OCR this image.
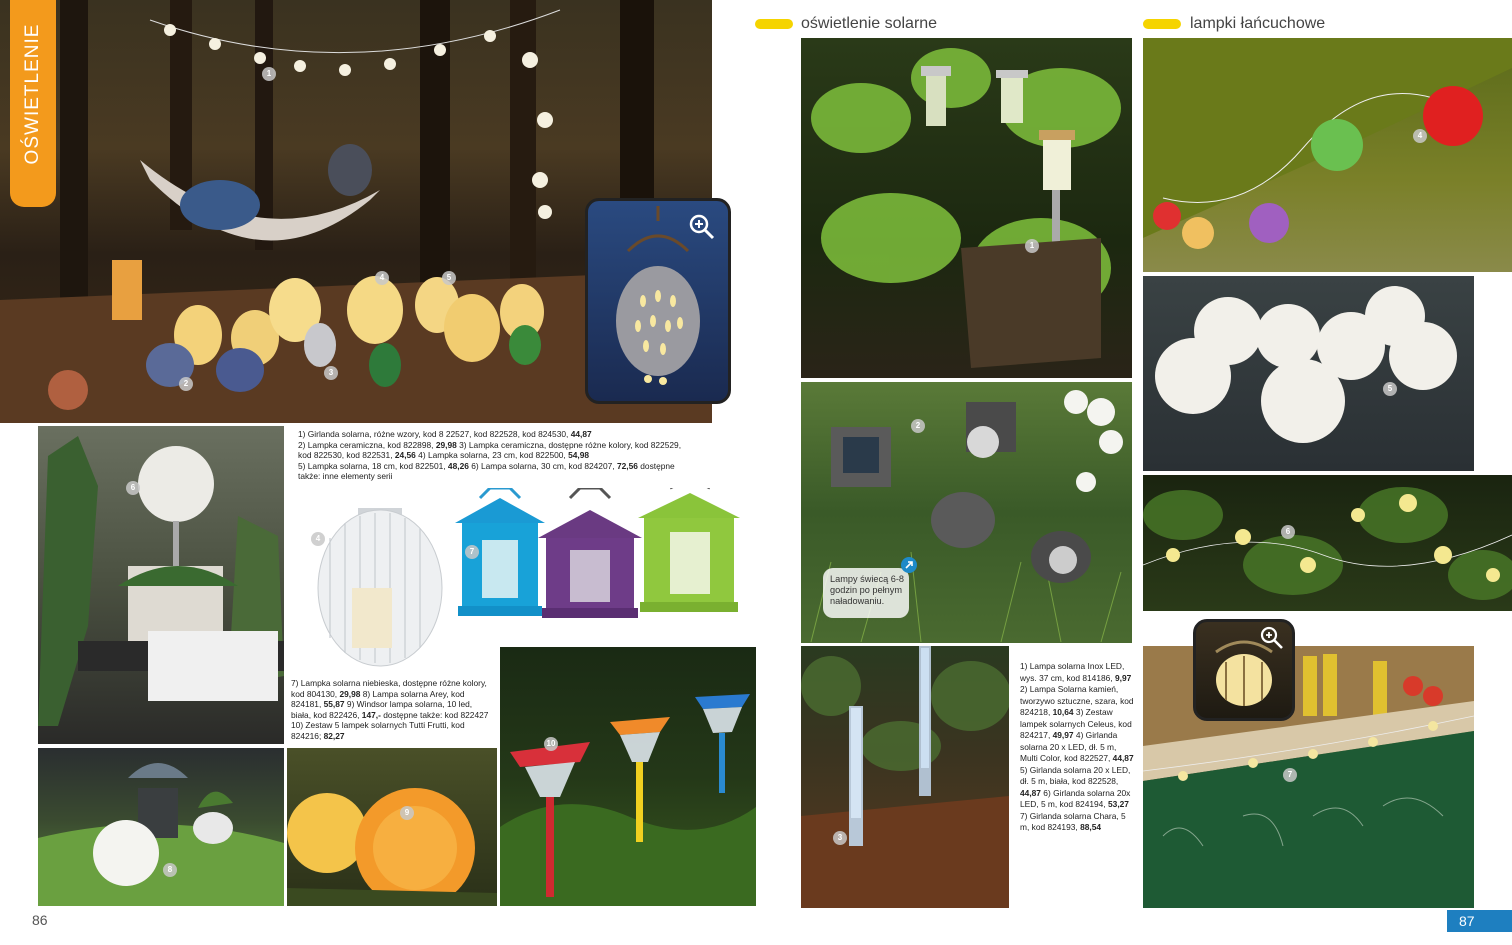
1
2
3
4	5
OŚWIETLENIE
6
1) Girlanda solarna, różne wzory, kod 8 22527, kod 822528, kod 824530, 44,87
2) Lampka ceramiczna, kod 822898, 29,98 3) Lampka ceramiczna, dostępne różne kolory, kod 822529, kod 822530, kod 822531, 24,56 4) Lampka solarna, 23 cm, kod 822500, 54,98
5) Lampka solarna, 18 cm, kod 822501, 48,26 6) Lampa solarna, 30 cm, kod 824207, 72,56 dostępne także: inne elementy serii
4
7
7) Lampka solarna niebieska, dostępne różne kolory, kod 804130, 29,98 8) Lampa solarna Arey, kod 824181, 55,87 9) Windsor lampa solarna, 10 led, biała, kod 822426, 147,- dostępne także: kod 822427 10) Zestaw 5 lampek solarnych Tutti Frutti, kod 824216; 82,27
8
9
10
86
oświetlenie solarne	lampki łańcuchowe
1
4
5
6
2
Lampy świecą 6-8 godzin po pełnym naładowaniu.
3
1) Lampa solarna Inox LED, wys. 37 cm, kod 814186, 9,97 2) Lampa Solarna kamień, tworzywo sztuczne, szara, kod 824218, 10,64 3) Zestaw lampek solarnych Celeus, kod 824217, 49,97 4) Girlanda solarna 20 x LED, dł. 5 m, Multi Color, kod 822527, 44,87 5) Girlanda solarna 20 x LED, dł. 5 m, biała, kod 822528, 44,87 6) Girlanda solarna 20x LED, 5 m, kod 824194, 53,27 7) Girlanda solarna Chara, 5 m, kod 824193, 88,54
7
87
